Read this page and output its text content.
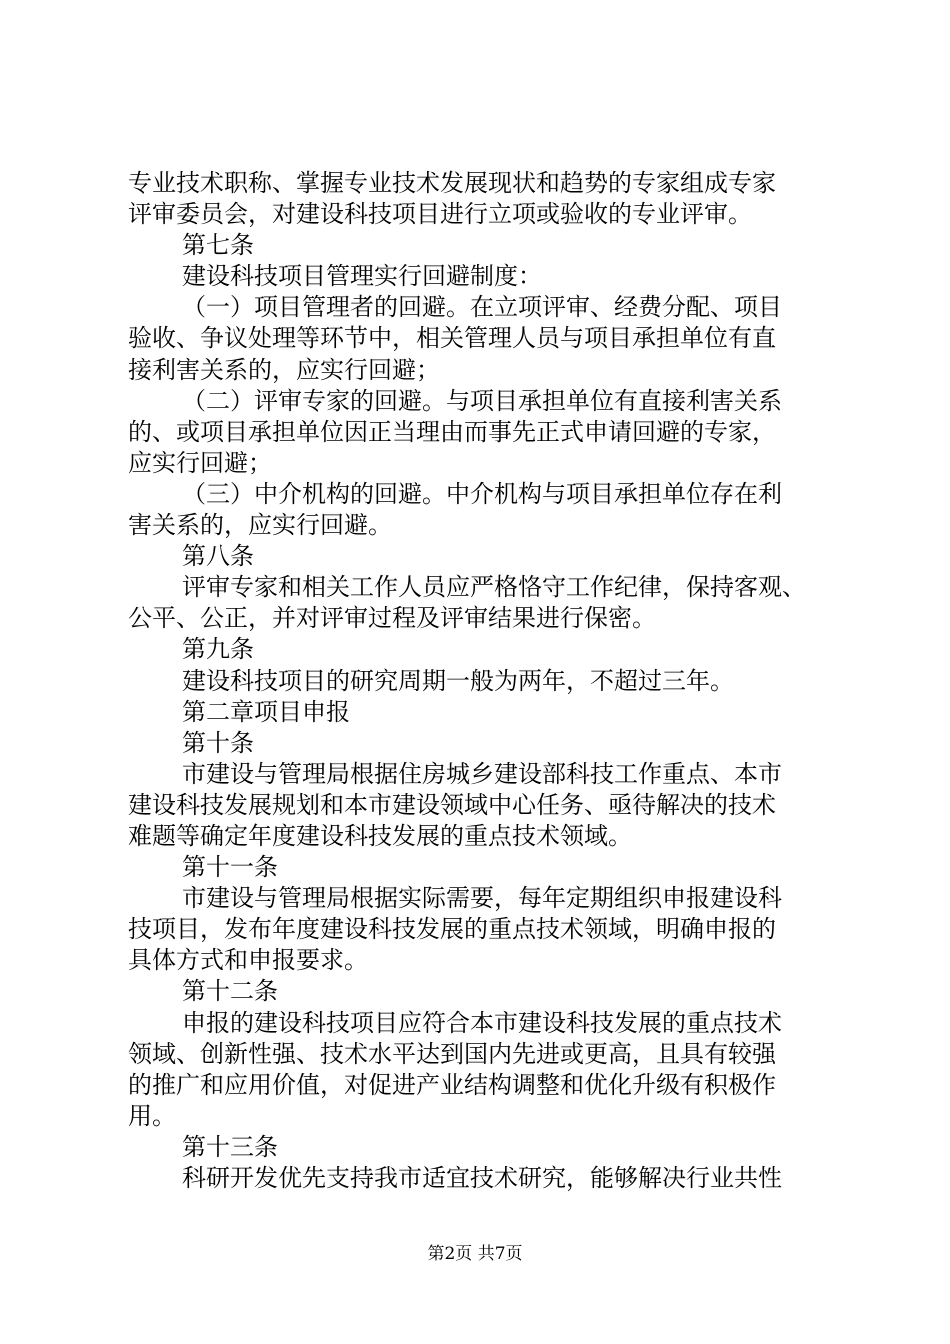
专业技术职称、掌握专业技术发展现状和趋势的专家组成专家
评审委员会，对建设科技项目进行立项或验收的专业评审。
第七条
建设科技项目管理实行回避制度：
（一）项目管理者的回避。在立项评审、经费分配、项目
验收、争议处理等环节中，相关管理人员与项目承担单位有直
接利害关系的，应实行回避；
（二）评审专家的回避。与项目承担单位有直接利害关系
的、或项目承担单位因正当理由而事先正式申请回避的专家，
应实行回避；
（三）中介机构的回避。中介机构与项目承担单位存在利
害关系的，应实行回避。
第八条
评审专家和相关工作人员应严格恪守工作纪律，保持客观、
公平、公正，并对评审过程及评审结果进行保密。
第九条
建设科技项目的研究周期一般为两年，不超过三年。
第二章项目申报
第十条
市建设与管理局根据住房城乡建设部科技工作重点、本市
建设科技发展规划和本市建设领域中心任务、亟待解决的技术
难题等确定年度建设科技发展的重点技术领域。
第十一条
市建设与管理局根据实际需要，每年定期组织申报建设科
技项目，发布年度建设科技发展的重点技术领域，明确申报的
具体方式和申报要求。
第十二条
申报的建设科技项目应符合本市建设科技发展的重点技术
领域、创新性强、技术水平达到国内先进或更高，且具有较强
的推广和应用价值，对促进产业结构调整和优化升级有积极作
用。
第十三条
科研开发优先支持我市适宜技术研究，能够解决行业共性
第2页 共7页
